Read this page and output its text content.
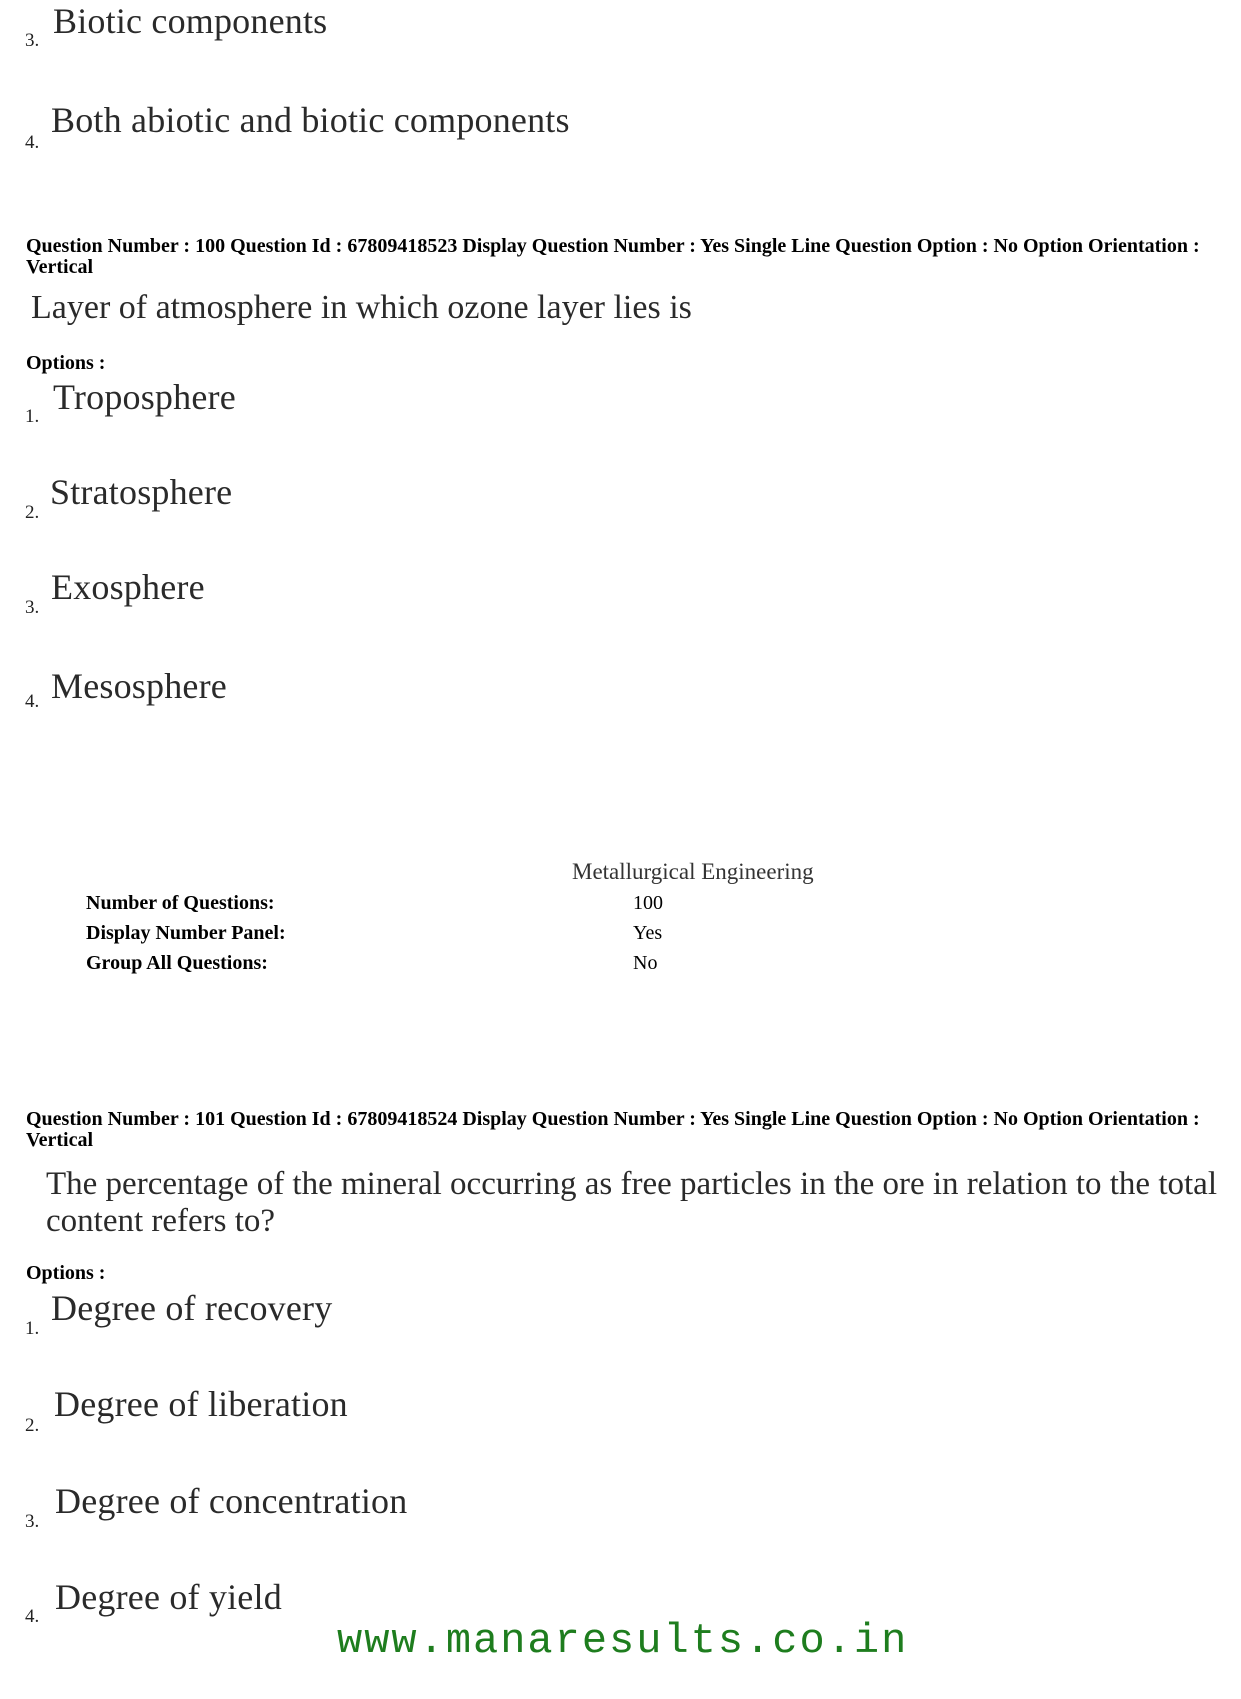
3. Biotic components
4.
Both abiotic and biotic components
Question Number : 100 Question Id : 67809418523 Display Question Number : Yes Single Line Question Option : No Option Orientation : Vertical
Layer of atmosphere in which ozone layer lies is
Options :
1. Troposphere
2.
Stratosphere
3.
Exosphere
4. Mesosphere
Metallurgical Engineering
Number of Questions:	100
Display Number Panel:	Yes
Group All Questions:	No
Question Number : 101 Question Id : 67809418524 Display Question Number : Yes Single Line Question Option : No Option Orientation : Vertical
The percentage of the mineral occurring as free particles in the ore in relation to the total
content refers to?
Options :
1.
Degree of recovery
2.
Degree of liberation
3.
Degree of concentration
4. Degree of yield
www.manaresults.co.in
